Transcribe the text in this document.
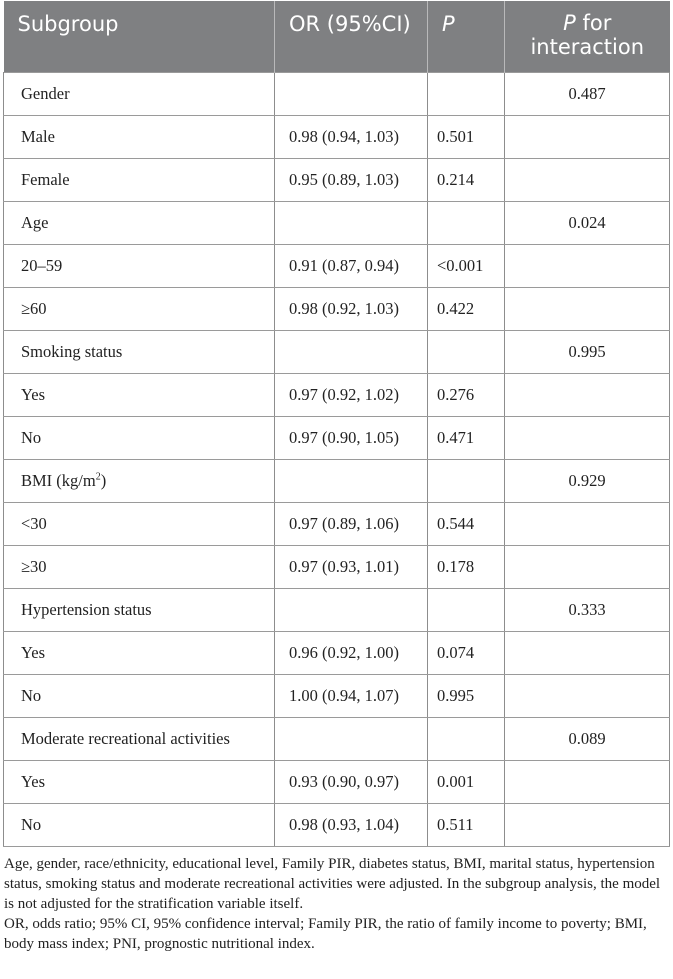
Subgroup	OR (95%CI)	P	P for
interaction
Gender			0.487
Male	0.98 (0.94, 1.03)	0.501	
Female	0.95 (0.89, 1.03)	0.214	
Age			0.024
20–59	0.91 (0.87, 0.94)	<0.001	
≥60	0.98 (0.92, 1.03)	0.422	
Smoking status			0.995
Yes	0.97 (0.92, 1.02)	0.276	
No	0.97 (0.90, 1.05)	0.471	
BMI $(kg/m^2)$			0.929
<30	0.97 (0.89, 1.06)	0.544	
≥30	0.97 (0.93, 1.01)	0.178	
Hypertension status			0.333
Yes	0.96 (0.92, 1.00)	0.074	
No	1.00 (0.94, 1.07)	0.995	
Moderate recreational activities			0.089
Yes	0.93 (0.90, 0.97)	0.001	
No	0.98 (0.93, 1.04)	0.511	

Age, gender, race/ethnicity, educational level, Family PIR, diabetes status, BMI, marital status, hypertension status, smoking status and moderate recreational activities were adjusted. In the subgroup analysis, the model is not adjusted for the stratification variable itself.

OR, odds ratio; 95% CI, 95% confidence interval; Family PIR, the ratio of family income to poverty; BMI, body mass index; PNI, prognostic nutritional index.
